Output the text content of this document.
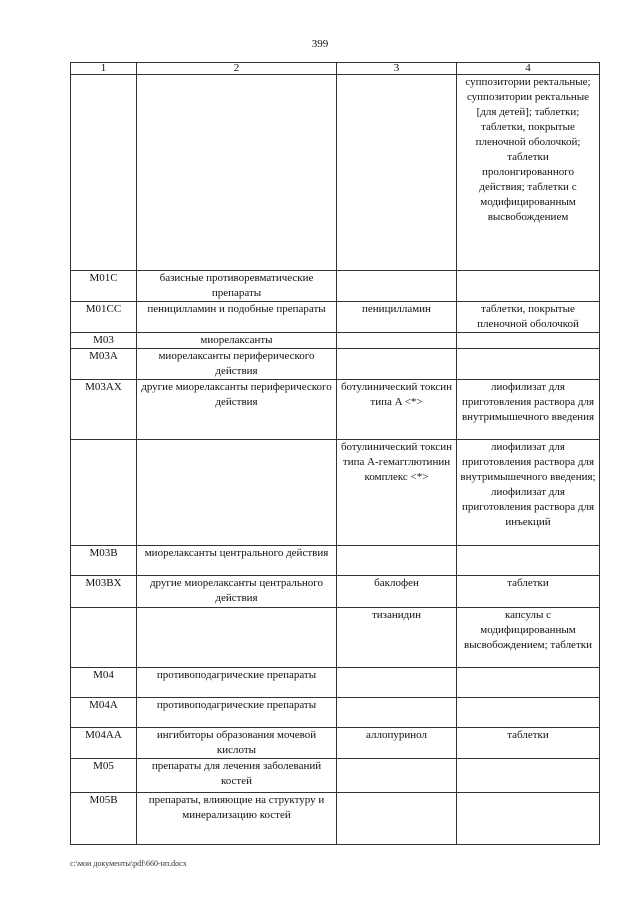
399
1	2	3	4
			суппозитории ректальные; суппозитории ректальные [для детей]; таблетки; таблетки, покрытые пленочной оболочкой; таблетки пролонгированного действия; таблетки с модифицированным высвобождением
M01C	базисные противоревматические препараты		
M01CC	пеницилламин и подобные препараты	пеницилламин	таблетки, покрытые пленочной оболочкой
M03	миорелаксанты		
M03A	миорелаксанты периферического действия		
M03AX	другие миорелаксанты периферического действия	ботулинический токсин типа A <*>	лиофилизат для приготовления раствора для внутримышечного введения
		ботулинический токсин типа A-гемагглютинин комплекс <*>	лиофилизат для приготовления раствора для внутримышечного введения; лиофилизат для приготовления раствора для инъекций
M03B	миорелаксанты центрального действия		
M03BX	другие миорелаксанты центрального действия	баклофен	таблетки
		тизанидин	капсулы с модифицированным высвобождением; таблетки
M04	противоподагрические препараты		
M04A	противоподагрические препараты		
M04AA	ингибиторы образования мочевой кислоты	аллопуринол	таблетки
M05	препараты для лечения заболеваний костей		
M05B	препараты, влияющие на структуру и минерализацию костей		
c:\мои документы\pdf\660-нп.docx
